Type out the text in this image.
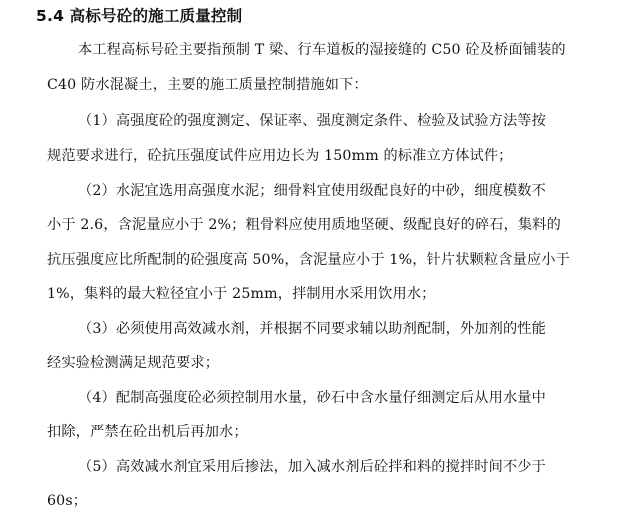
5.4 高标号砼的施工质量控制
本工程高标号砼主要指预制 T 梁、行车道板的湿接缝的 C50 砼及桥面铺装的
C40 防水混凝土，主要的施工质量控制措施如下：
（1）高强度砼的强度测定、保证率、强度测定条件、检验及试验方法等按
规范要求进行，砼抗压强度试件应用边长为 150mm 的标准立方体试件；
（2）水泥宜选用高强度水泥；细骨料宜使用级配良好的中砂，细度模数不
小于 2.6，含泥量应小于 2%；粗骨料应使用质地坚硬、级配良好的碎石，集料的
抗压强度应比所配制的砼强度高 50%，含泥量应小于 1%，针片状颗粒含量应小于
1%，集料的最大粒径宜小于 25mm，拌制用水采用饮用水；
（3）必须使用高效减水剂，并根据不同要求辅以助剂配制，外加剂的性能
经实验检测满足规范要求；
（4）配制高强度砼必须控制用水量，砂石中含水量仔细测定后从用水量中
扣除，严禁在砼出机后再加水；
（5）高效减水剂宜采用后掺法，加入减水剂后砼拌和料的搅拌时间不少于
60s；
